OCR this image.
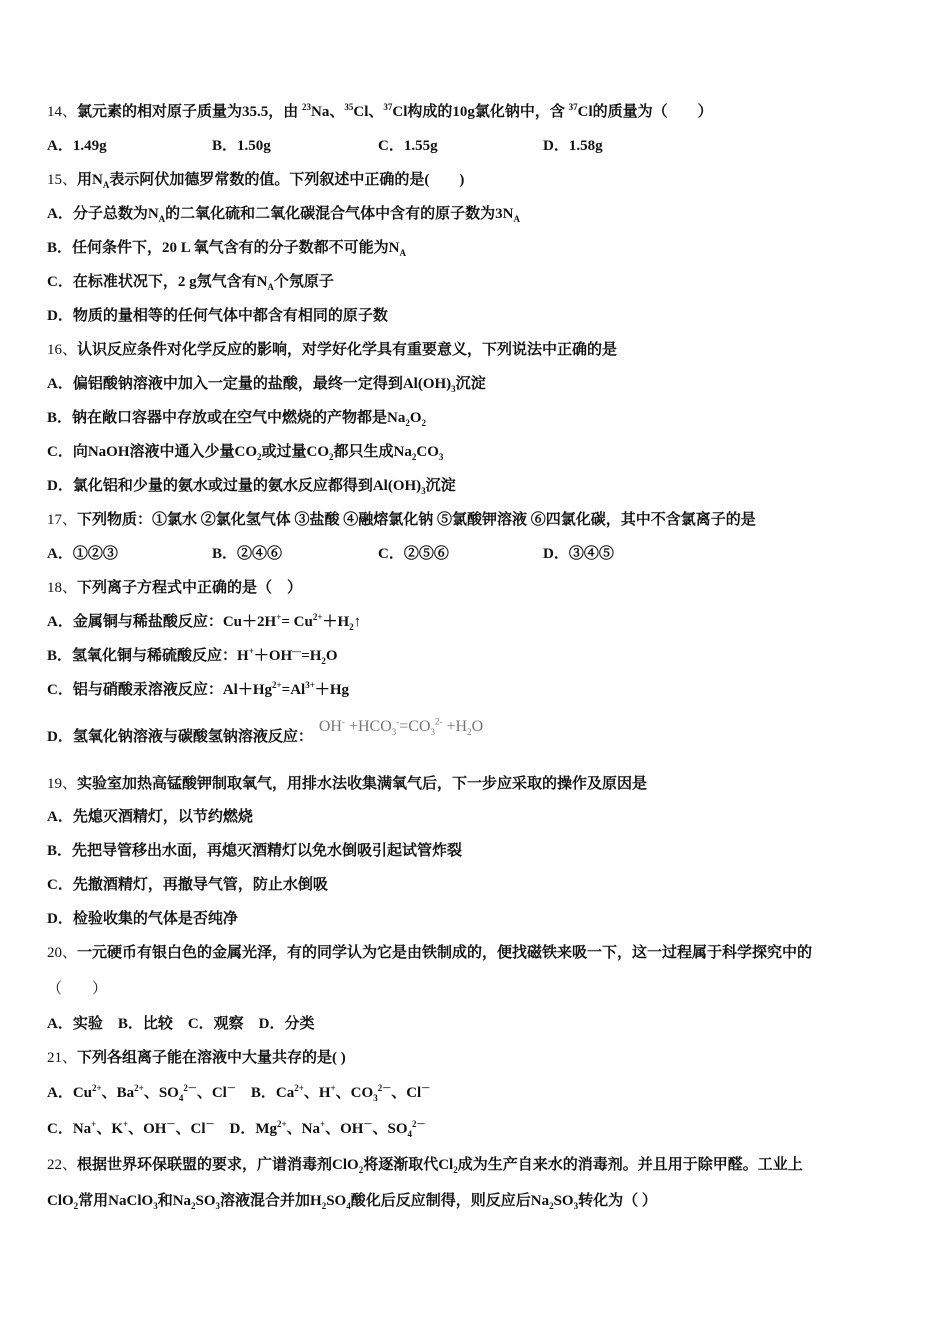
14、氯元素的相对原子质量为35.5，由 $^{23}$Na、$^{35}$Cl、$^{37}$Cl构成的10g氯化钠中，含 $^{37}$Cl的质量为（　　）
A．1.49g	B．1.50g	C．1.55g	D．1.58g
15、用$N_A$表示阿伏加德罗常数的值。下列叙述中正确的是(　　)
A．分子总数为$N_A$的二氧化硫和二氧化碳混合气体中含有的原子数为$3N_A$
B．任何条件下，20 L 氧气含有的分子数都不可能为$N_A$
C．在标准状况下，2 g氖气含有$N_A$个氖原子
D．物质的量相等的任何气体中都含有相同的原子数
16、认识反应条件对化学反应的影响，对学好化学具有重要意义，下列说法中正确的是
A．偏铝酸钠溶液中加入一定量的盐酸，最终一定得到$Al(OH)_3$沉淀
B．钠在敞口容器中存放或在空气中燃烧的产物都是$Na_2O_2$
C．向NaOH溶液中通入少量$CO_2$或过量$CO_2$都只生成$Na_2CO_3$
D．氯化铝和少量的氨水或过量的氨水反应都得到$Al(OH)_3$沉淀
17、下列物质：①氯水 ②氯化氢气体 ③盐酸 ④融熔氯化钠 ⑤氯酸钾溶液 ⑥四氯化碳，其中不含氯离子的是
A．①②③	B．②④⑥	C．②⑤⑥	D．③④⑤
18、下列离子方程式中正确的是（　）
A．金属铜与稀盐酸反应：$Cu+2H^+= Cu^{2+}+H_2↑$
B．氢氧化铜与稀硫酸反应：$H^++OH^—=H_2O$
C．铝与硝酸汞溶液反应：$Al+Hg^{2+}=Al^{3+}+Hg$
D．氢氧化钠溶液与碳酸氢钠溶液反应：$OH^- +HCO_3^-=CO_3^{2-} +H_2O$
19、实验室加热高锰酸钾制取氧气，用排水法收集满氧气后，下一步应采取的操作及原因是
A．先熄灭酒精灯，以节约燃烧
B．先把导管移出水面，再熄灭酒精灯以免水倒吸引起试管炸裂
C．先撤酒精灯，再撤导气管，防止水倒吸
D．检验收集的气体是否纯净
20、一元硬币有银白色的金属光泽，有的同学认为它是由铁制成的，便找磁铁来吸一下，这一过程属于科学探究中的
（　　）
A．实验　B．比较　C．观察　D．分类
21、下列各组离子能在溶液中大量共存的是( )
A．$Cu^{2+}$、$Ba^{2+}$、$SO_4^{2-}$、Cl－　B．$Ca^{2+}$、H+、$CO_3^{2-}$、Cl－
C．Na+、K+、OH－、Cl－　D．$Mg^{2+}$、Na+、OH－、$SO_4^{2-}$
22、根据世界环保联盟的要求，广谱消毒剂ClO$_2$将逐渐取代$Cl_2$成为生产自来水的消毒剂。并且用于除甲醛。工业上
ClO$_2$常用NaClO$_3$和$Na_2SO_3$溶液混合并加$H_2SO_4$酸化后反应制得，则反应后$Na_2SO_3$转化为（ ）
